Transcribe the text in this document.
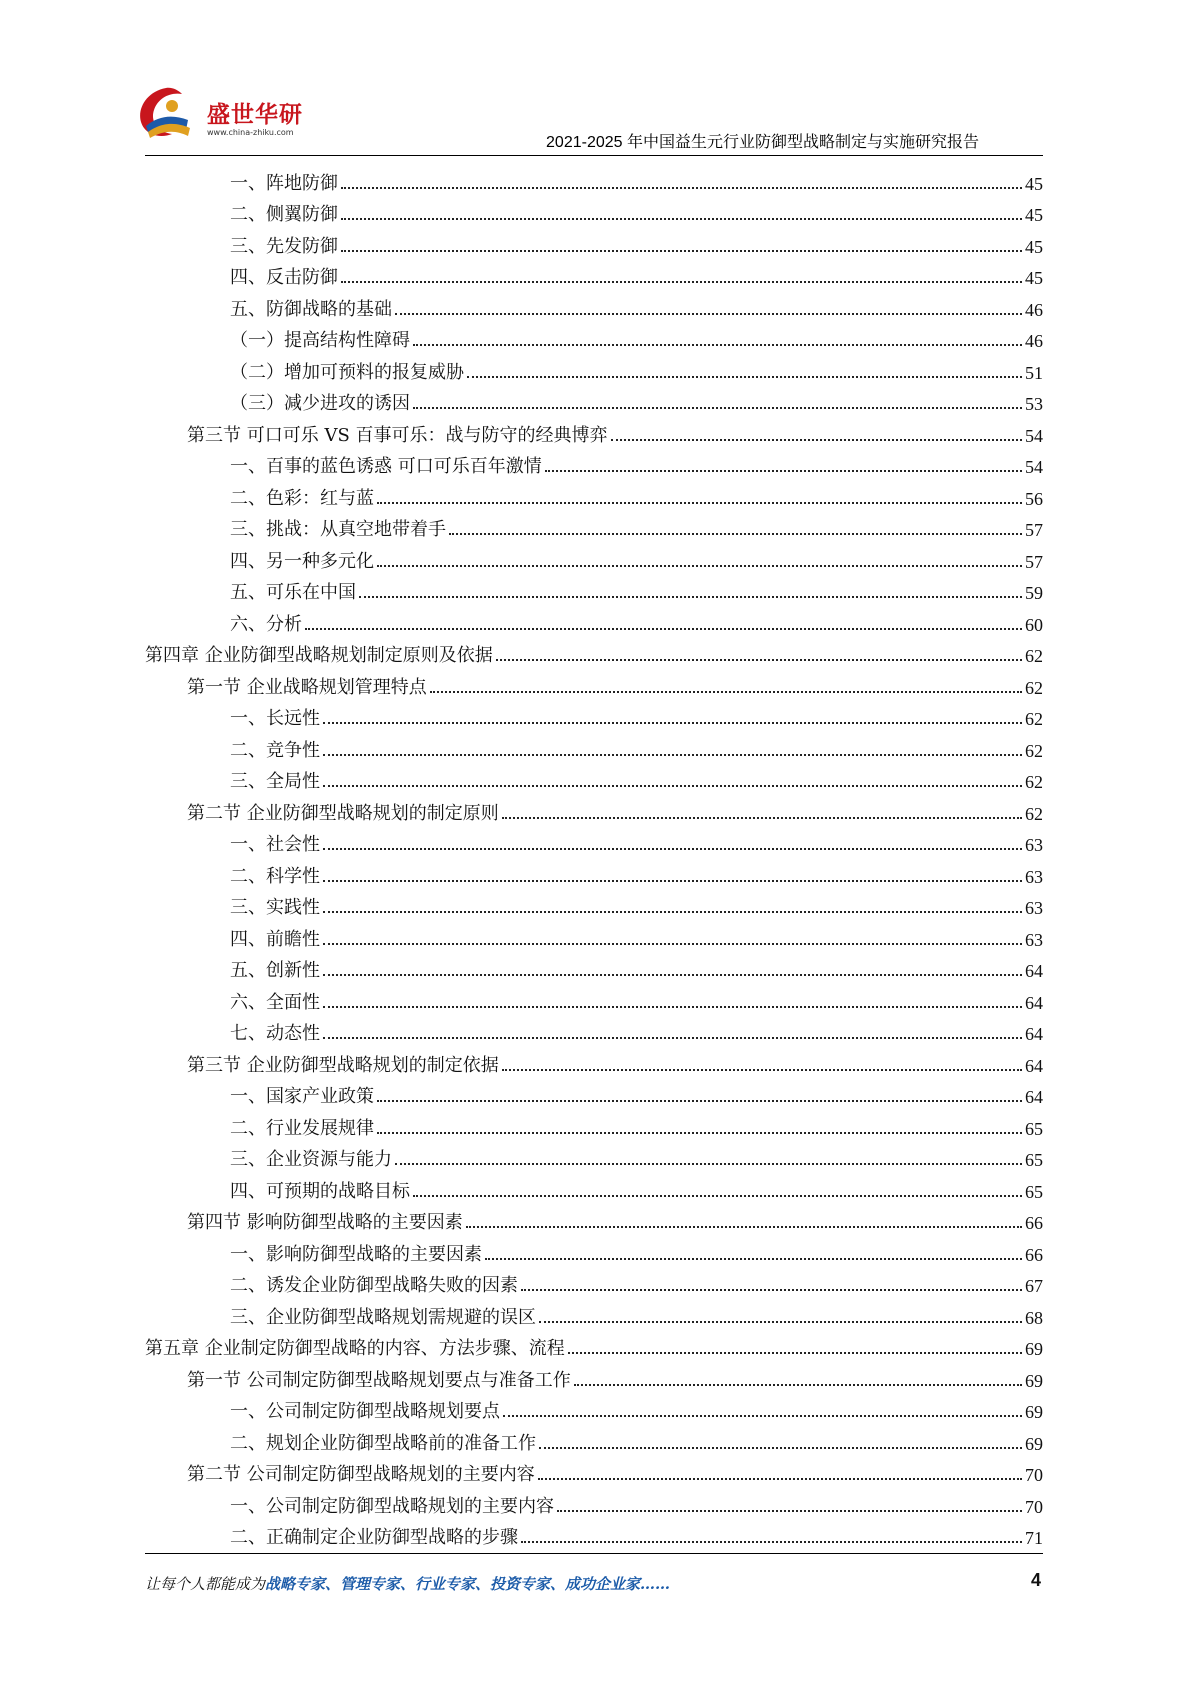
盛世华研
www.china-zhiku.com
2021-2025 年中国益生元行业防御型战略制定与实施研究报告
一、阵地防御	45
二、侧翼防御	45
三、先发防御	45
四、反击防御	45
五、防御战略的基础	46
（一）提高结构性障碍	46
（二）增加可预料的报复威胁	51
（三）减少进攻的诱因	53
第三节 可口可乐 VS 百事可乐：战与防守的经典博弈	54
一、百事的蓝色诱惑 可口可乐百年激情	54
二、色彩：红与蓝	56
三、挑战：从真空地带着手	57
四、另一种多元化	57
五、可乐在中国	59
六、分析	60
第四章 企业防御型战略规划制定原则及依据	62
第一节 企业战略规划管理特点	62
一、长远性	62
二、竞争性	62
三、全局性	62
第二节 企业防御型战略规划的制定原则	62
一、社会性	63
二、科学性	63
三、实践性	63
四、前瞻性	63
五、创新性	64
六、全面性	64
七、动态性	64
第三节 企业防御型战略规划的制定依据	64
一、国家产业政策	64
二、行业发展规律	65
三、企业资源与能力	65
四、可预期的战略目标	65
第四节 影响防御型战略的主要因素	66
一、影响防御型战略的主要因素	66
二、诱发企业防御型战略失败的因素	67
三、企业防御型战略规划需规避的误区	68
第五章 企业制定防御型战略的内容、方法步骤、流程	69
第一节 公司制定防御型战略规划要点与准备工作	69
一、公司制定防御型战略规划要点	69
二、规划企业防御型战略前的准备工作	69
第二节 公司制定防御型战略规划的主要内容	70
一、公司制定防御型战略规划的主要内容	70
二、正确制定企业防御型战略的步骤	71
让每个人都能成为战略专家、管理专家、行业专家、投资专家、成功企业家……	4
